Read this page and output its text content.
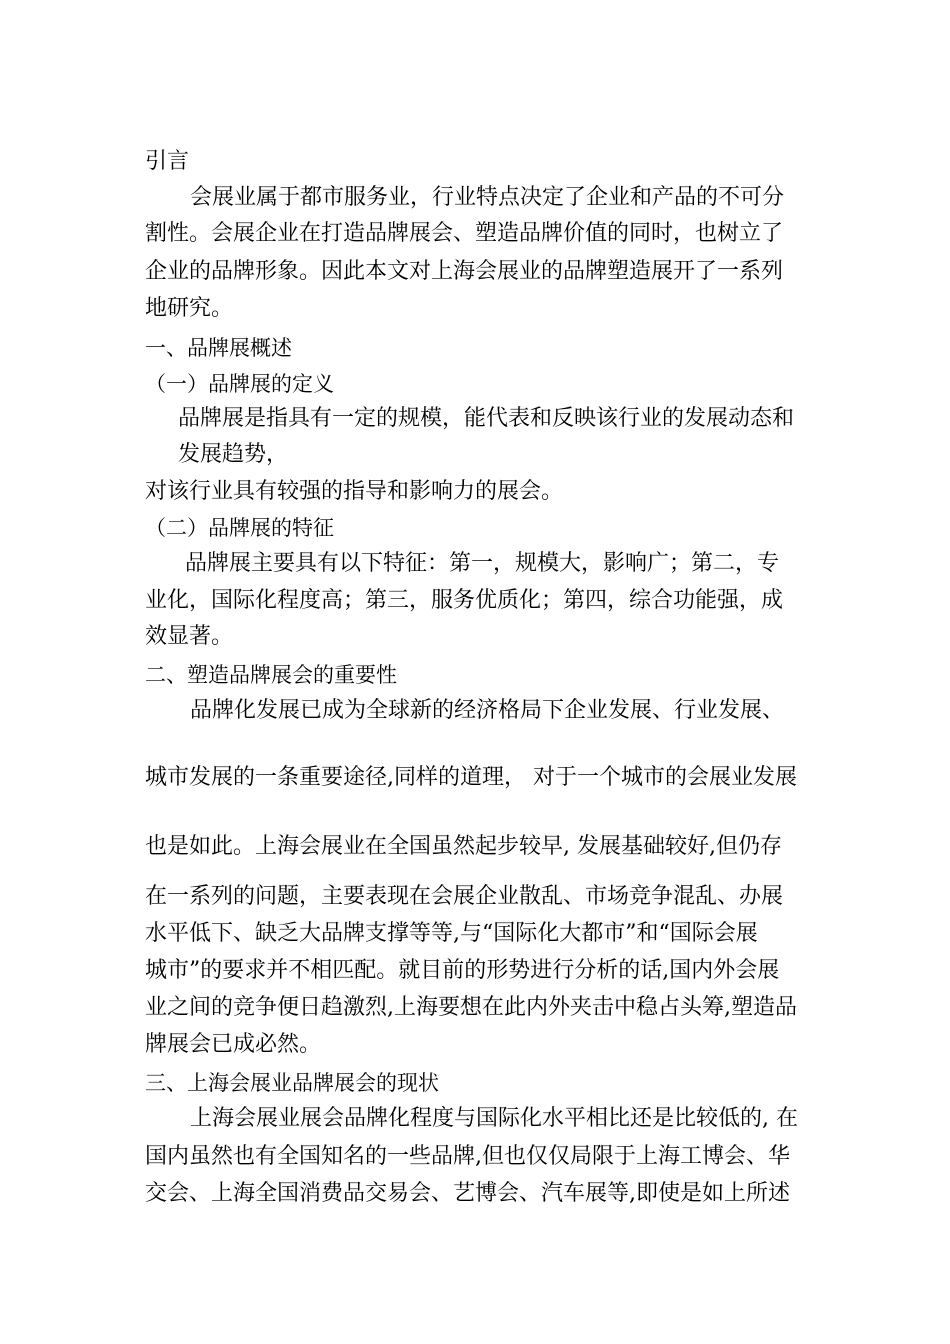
引言
会展业属于都市服务业，行业特点决定了企业和产品的不可分
割性。会展企业在打造品牌展会、塑造品牌价值的同时，也树立了
企业的品牌形象。因此本文对上海会展业的品牌塑造展开了一系列
地研究。
一、品牌展概述
（一）品牌展的定义
品牌展是指具有一定的规模，能代表和反映该行业的发展动态和
发展趋势，
对该行业具有较强的指导和影响力的展会。
（二）品牌展的特征
品牌展主要具有以下特征：第一，规模大，影响广；第二，专
业化，国际化程度高；第三，服务优质化；第四，综合功能强，成
效显著。
二、塑造品牌展会的重要性
品牌化发展已成为全球新的经济格局下企业发展、行业发展、
城市发展的一条重要途径,同样的道理， 对于一个城市的会展业发展
也是如此。上海会展业在全国虽然起步较早, 发展基础较好,但仍存
在一系列的问题，主要表现在会展企业散乱、市场竞争混乱、办展
水平低下、缺乏大品牌支撑等等,与“国际化大都市”和“国际会展
城市”的要求并不相匹配。就目前的形势进行分析的话,国内外会展
业之间的竞争便日趋激烈,上海要想在此内外夹击中稳占头筹,塑造品
牌展会已成必然。
三、上海会展业品牌展会的现状
上海会展业展会品牌化程度与国际化水平相比还是比较低的, 在
国内虽然也有全国知名的一些品牌,但也仅仅局限于上海工博会、华
交会、上海全国消费品交易会、艺博会、汽车展等,即使是如上所述
